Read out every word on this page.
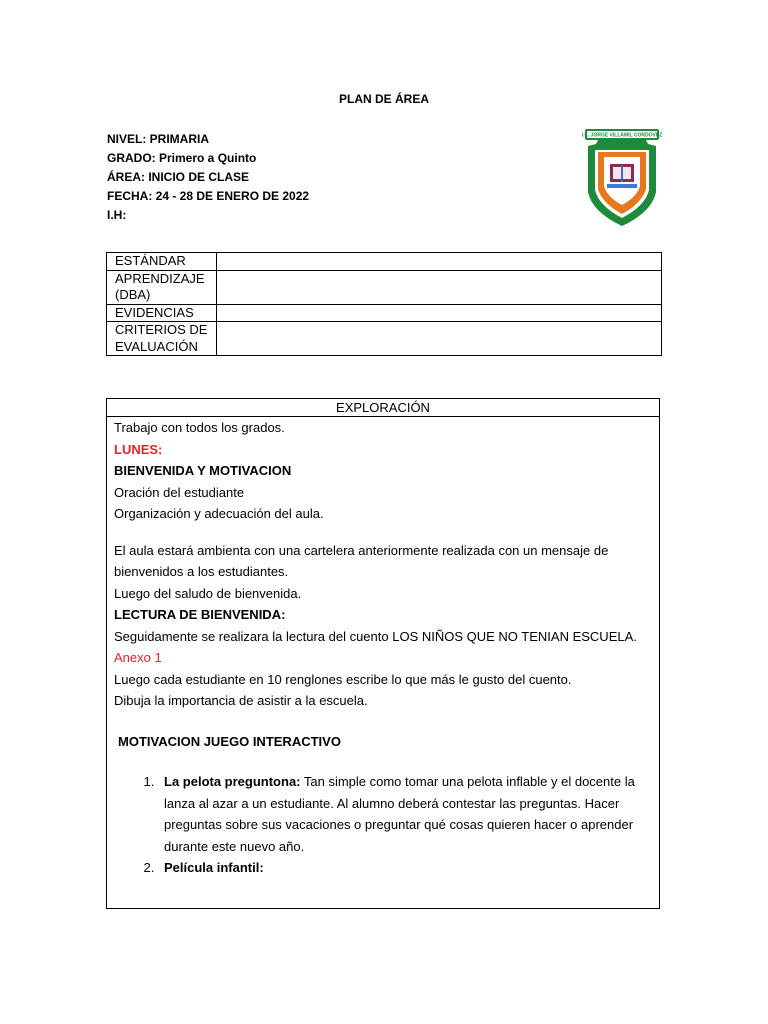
PLAN DE ÁREA
NIVEL: PRIMARIA
GRADO: Primero a Quinto
ÁREA: INICIO DE CLASE
FECHA: 24 - 28 DE ENERO DE 2022
I.H:
I.E. JORGE VILLAMIL CORDOVEZ
ESTÁNDAR	
APRENDIZAJE (DBA)	
EVIDENCIAS	
CRITERIOS DE EVALUACIÓN	
EXPLORACIÓN
Trabajo con todos los grados.
LUNES:
BIENVENIDA Y MOTIVACION
Oración del estudiante
Organización y adecuación del aula.
El aula estará ambienta con una cartelera anteriormente realizada con un mensaje de bienvenidos a los estudiantes.
Luego del saludo de bienvenida.
LECTURA DE BIENVENIDA:
Seguidamente se realizara la lectura del cuento LOS NIÑOS QUE NO TENIAN ESCUELA.
Anexo 1
Luego cada estudiante en 10 renglones escribe lo que más le gusto del cuento.
Dibuja la importancia de asistir a la escuela.
MOTIVACION JUEGO INTERACTIVO
1. La pelota preguntona: Tan simple como tomar una pelota inflable y el docente la lanza al azar a un estudiante. Al alumno deberá contestar las preguntas. Hacer preguntas sobre sus vacaciones o preguntar qué cosas quieren hacer o aprender durante este nuevo año.
2. Película infantil:
